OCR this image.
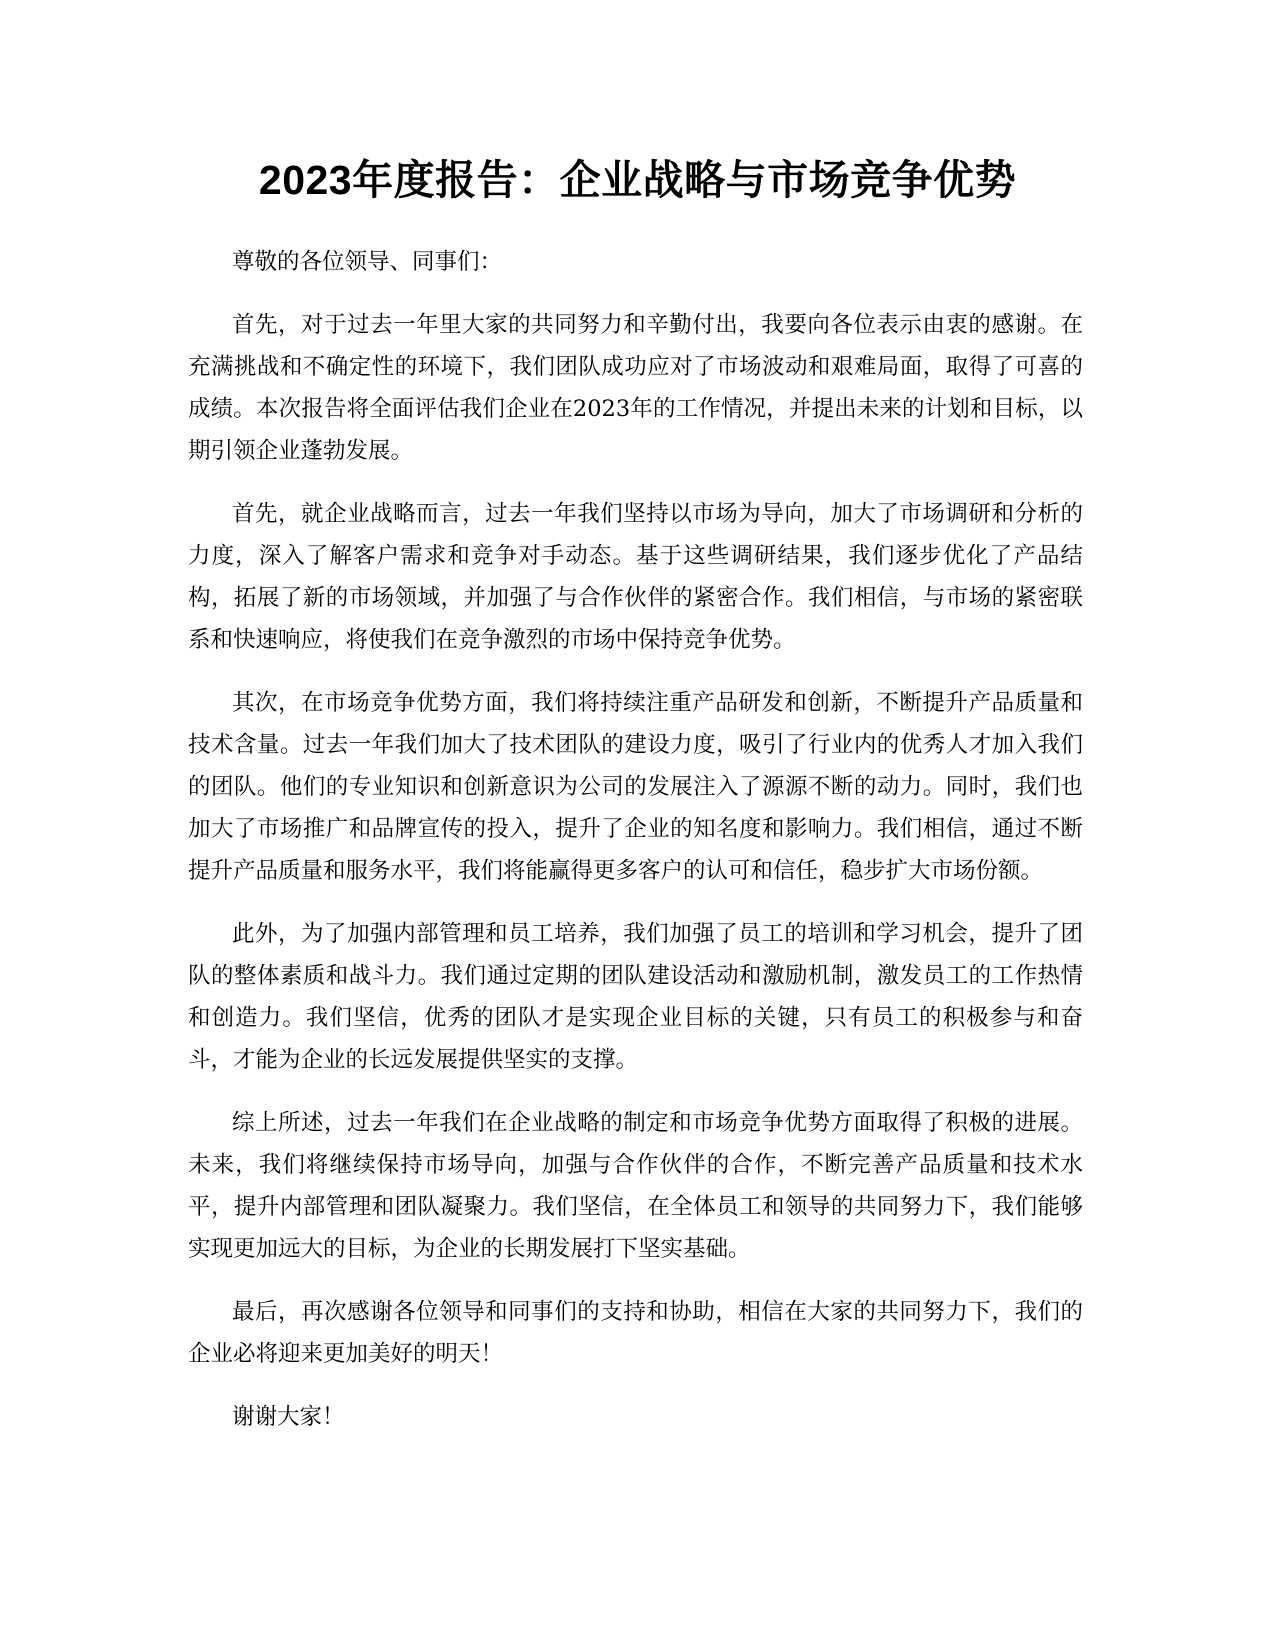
2023年度报告：企业战略与市场竞争优势

尊敬的各位领导、同事们：

首先，对于过去一年里大家的共同努力和辛勤付出，我要向各位表示由衷的感谢。在充满挑战和不确定性的环境下，我们团队成功应对了市场波动和艰难局面，取得了可喜的成绩。本次报告将全面评估我们企业在2023年的工作情况，并提出未来的计划和目标，以期引领企业蓬勃发展。

首先，就企业战略而言，过去一年我们坚持以市场为导向，加大了市场调研和分析的力度，深入了解客户需求和竞争对手动态。基于这些调研结果，我们逐步优化了产品结构，拓展了新的市场领域，并加强了与合作伙伴的紧密合作。我们相信，与市场的紧密联系和快速响应，将使我们在竞争激烈的市场中保持竞争优势。

其次，在市场竞争优势方面，我们将持续注重产品研发和创新，不断提升产品质量和技术含量。过去一年我们加大了技术团队的建设力度，吸引了行业内的优秀人才加入我们的团队。他们的专业知识和创新意识为公司的发展注入了源源不断的动力。同时，我们也加大了市场推广和品牌宣传的投入，提升了企业的知名度和影响力。我们相信，通过不断提升产品质量和服务水平，我们将能赢得更多客户的认可和信任，稳步扩大市场份额。

此外，为了加强内部管理和员工培养，我们加强了员工的培训和学习机会，提升了团队的整体素质和战斗力。我们通过定期的团队建设活动和激励机制，激发员工的工作热情和创造力。我们坚信，优秀的团队才是实现企业目标的关键，只有员工的积极参与和奋斗，才能为企业的长远发展提供坚实的支撑。

综上所述，过去一年我们在企业战略的制定和市场竞争优势方面取得了积极的进展。未来，我们将继续保持市场导向，加强与合作伙伴的合作，不断完善产品质量和技术水平，提升内部管理和团队凝聚力。我们坚信，在全体员工和领导的共同努力下，我们能够实现更加远大的目标，为企业的长期发展打下坚实基础。

最后，再次感谢各位领导和同事们的支持和协助，相信在大家的共同努力下，我们的企业必将迎来更加美好的明天！

谢谢大家！
